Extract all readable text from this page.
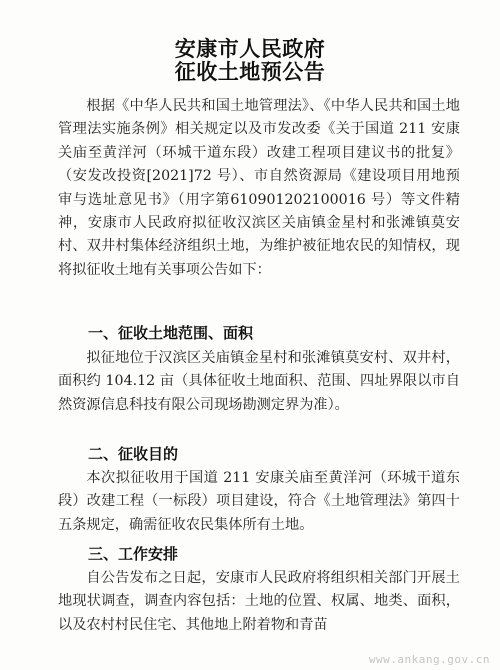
安康市人民政府
征收土地预公告
根据《中华人民共和国土地管理法》、《中华人民共和国土地管理法实施条例》相关规定以及市发改委《关于国道 211 安康关庙至黄洋河（环城干道东段）改建工程项目建议书的批复》（安发改投资[2021]72 号）、市自然资源局《建设项目用地预审与选址意见书》（用字第610901202100016 号）等文件精神，安康市人民政府拟征收汉滨区关庙镇金星村和张滩镇莫安村、双井村集体经济组织土地，为维护被征地农民的知情权，现将拟征收土地有关事项公告如下：
一、征收土地范围、面积
拟征地位于汉滨区关庙镇金星村和张滩镇莫安村、双井村，面积约 104.12 亩（具体征收土地面积、范围、四址界限以市自然资源信息科技有限公司现场勘测定界为准）。
二、征收目的
本次拟征收用于国道 211 安康关庙至黄洋河（环城干道东段）改建工程（一标段）项目建设，符合《土地管理法》第四十五条规定，确需征收农民集体所有土地。
三、工作安排
自公告发布之日起，安康市人民政府将组织相关部门开展土地现状调查，调查内容包括：土地的位置、权属、地类、面积，以及农村村民住宅、其他地上附着物和青苗
www.ankang.gov.cn
